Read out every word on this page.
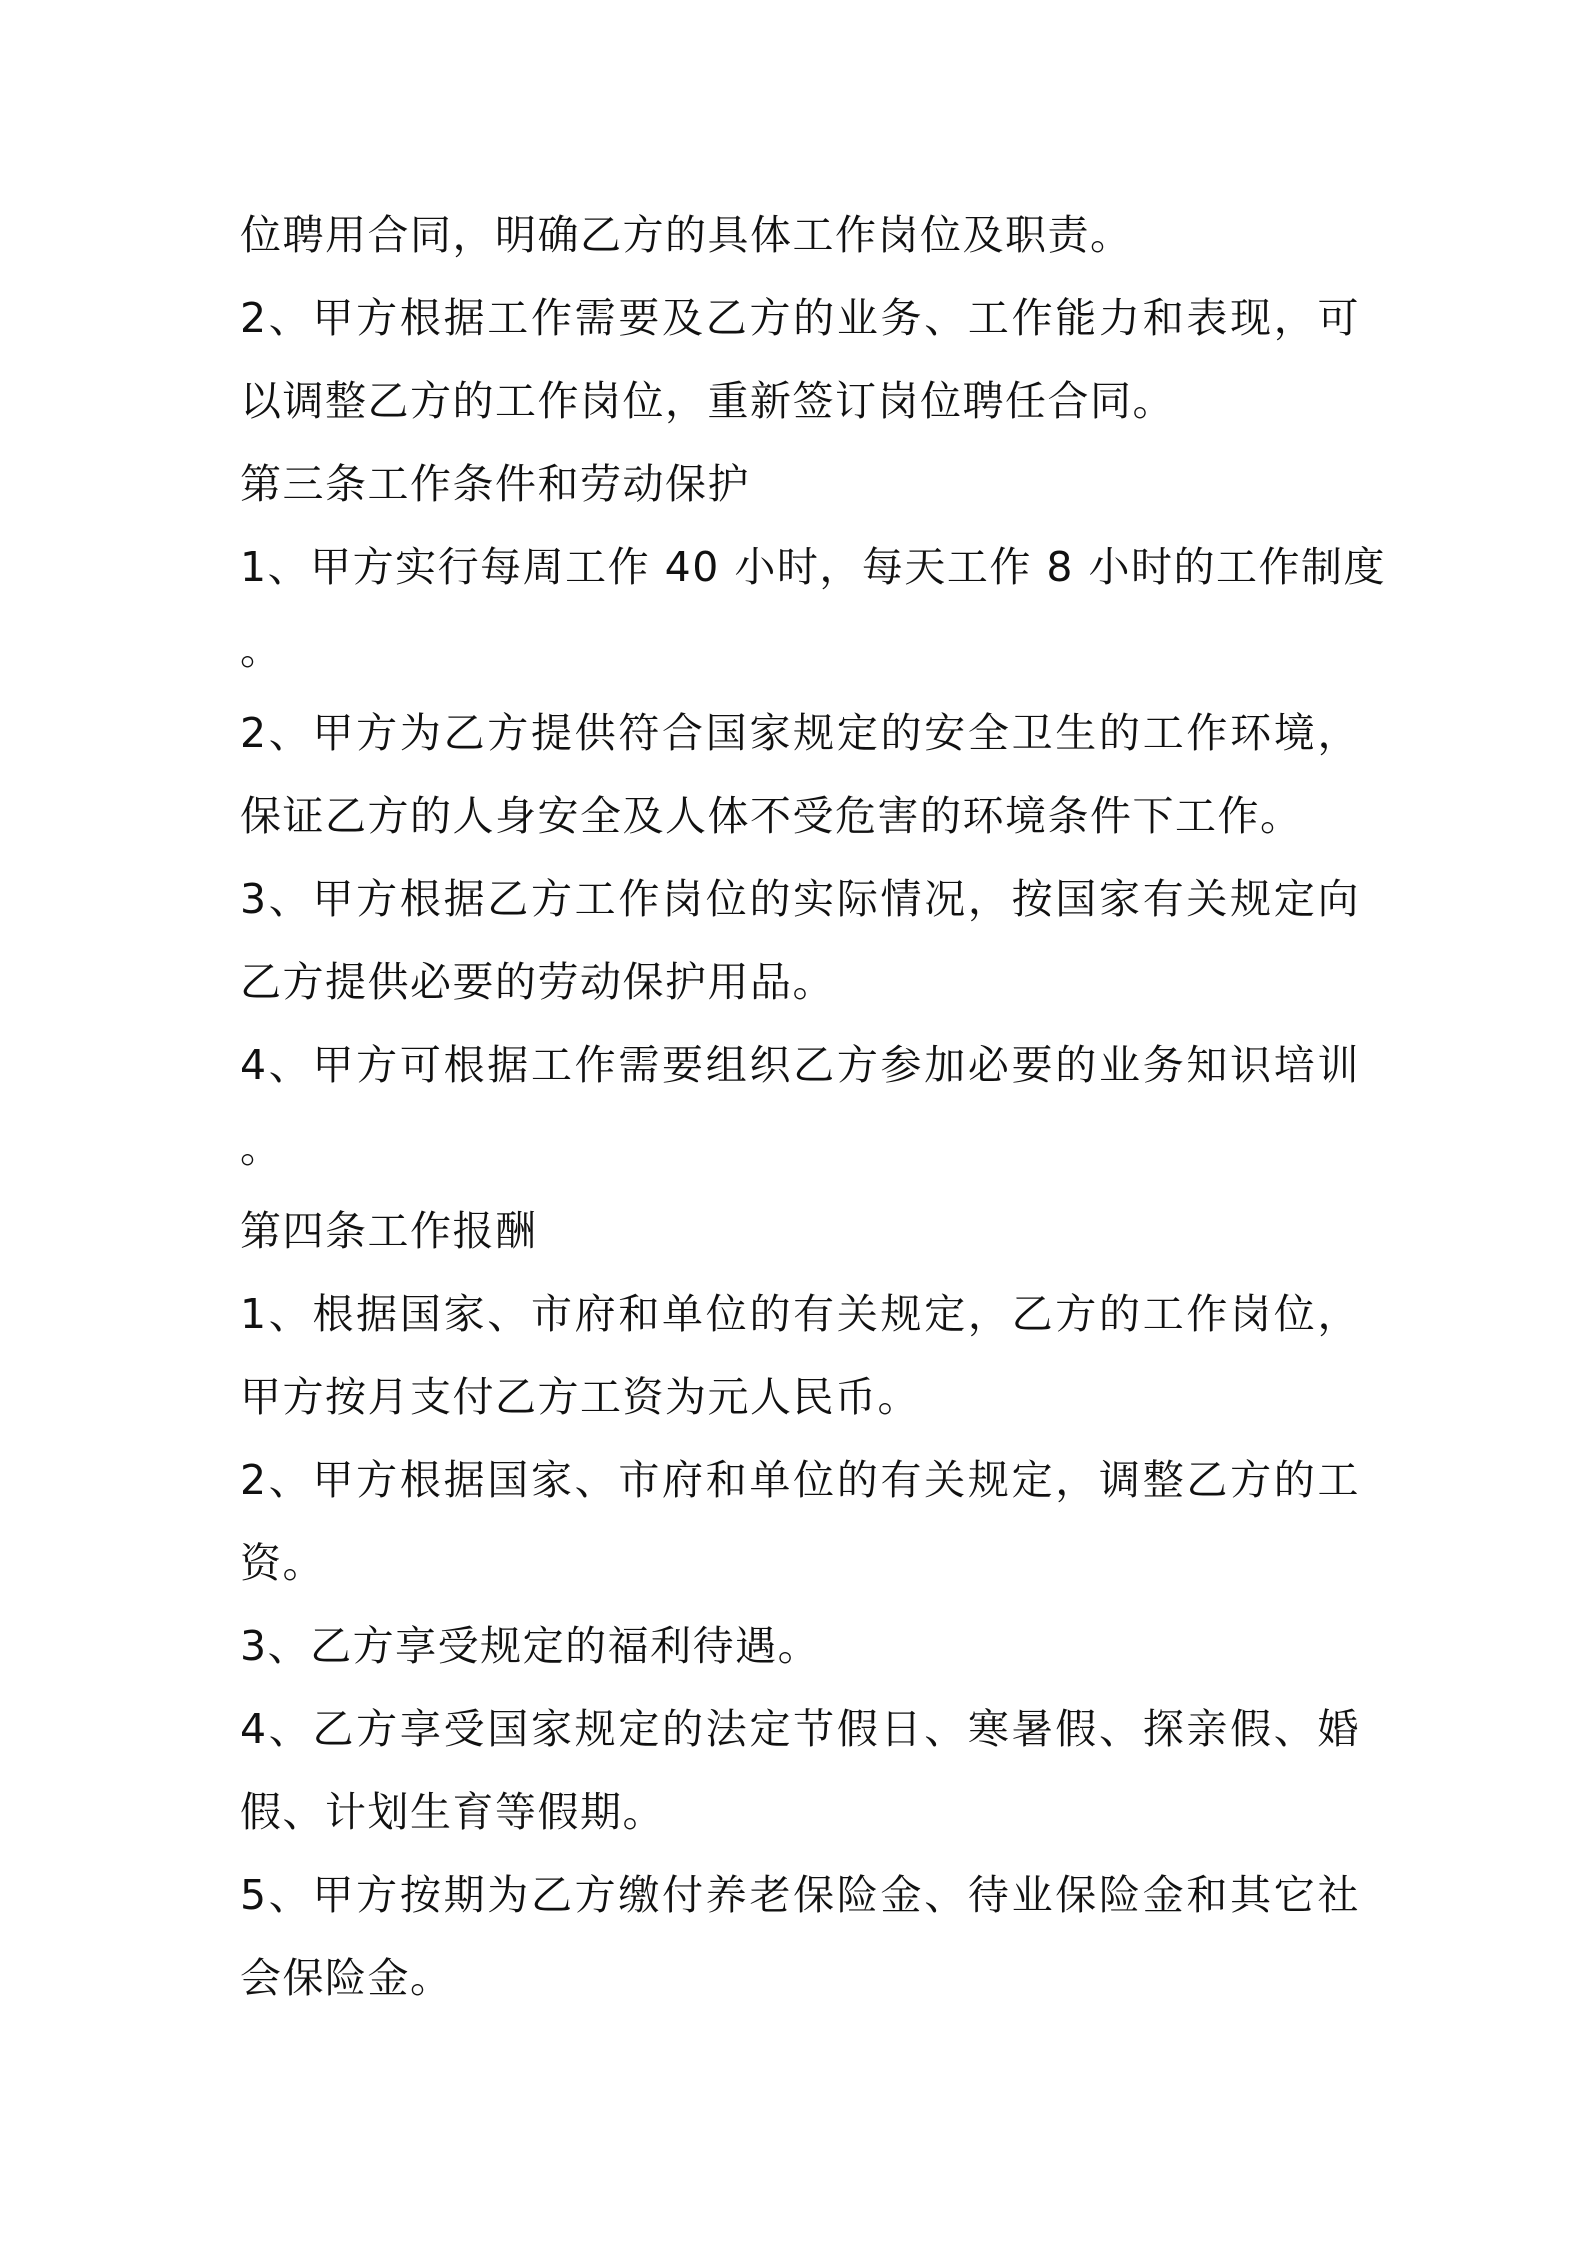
位聘用合同，明确乙方的具体工作岗位及职责。
2、甲方根据工作需要及乙方的业务、工作能力和表现，可
以调整乙方的工作岗位，重新签订岗位聘任合同。
第三条工作条件和劳动保护
1、甲方实行每周工作 40 小时，每天工作 8 小时的工作制度
。
2、甲方为乙方提供符合国家规定的安全卫生的工作环境，
保证乙方的人身安全及人体不受危害的环境条件下工作。
3、甲方根据乙方工作岗位的实际情况，按国家有关规定向
乙方提供必要的劳动保护用品。
4、甲方可根据工作需要组织乙方参加必要的业务知识培训
。
第四条工作报酬
1、根据国家、市府和单位的有关规定，乙方的工作岗位，
甲方按月支付乙方工资为元人民币。
2、甲方根据国家、市府和单位的有关规定，调整乙方的工
资。
3、乙方享受规定的福利待遇。
4、乙方享受国家规定的法定节假日、寒暑假、探亲假、婚
假、计划生育等假期。
5、甲方按期为乙方缴付养老保险金、待业保险金和其它社
会保险金。
